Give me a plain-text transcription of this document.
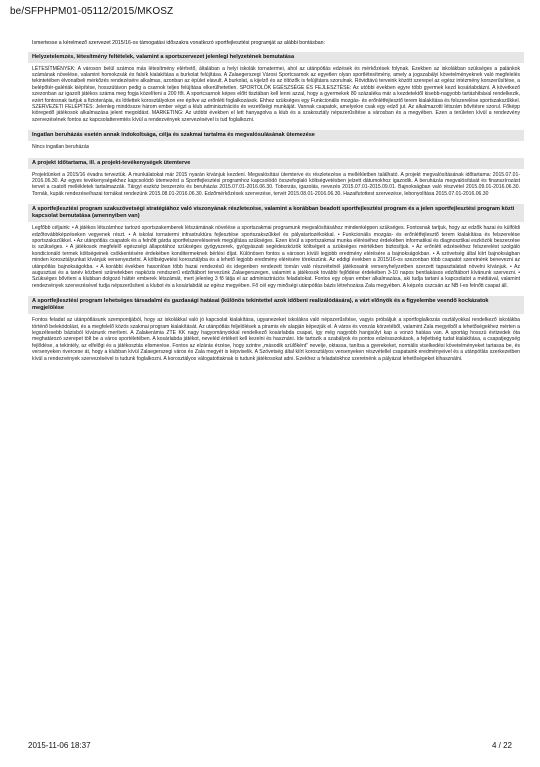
be/SFPHPM01-05112/2015/MKOSZ
Ismertesse a kérelmező szervezet 2015/16-os támogatási időszakra vonatkozó sportfejlesztési programját az alábbi bontásban:
Helyzetelemzés, létesítmény feltételek, valamint a sportszervezet jelenlegi helyzetének bemutatása
LÉTESÍTMÉNYEK: A városon belül számos más létesítmény elérhető, általában a helyi iskolák tornatermei, ahol az utánpótlás edzések és mérkőzések folynak. Ezekben az iskolákban szükséges a palánkok számának növelése, valamint homokzsák és falsík kialakítása a burkolat felújítása. A Zalaegerszegi Városi Sportcsarnok az egyetlen olyan sportlétesítmény, amely a jogszabályi követelményeknek való megfelelés tekintetében élvonalbeli mérkőzés rendezésére alkalmas, azonban az épület elavult. A burkolat, a kijelző és az öltözők is felújításra szorulnak. Rövidtávú terveink között szerepel az egész intézmény korszerűsítése, a belépőtér-galériák kiépítése, hosszútávon pedig a csarnok teljes felújítása elkerülhetetlen. SPORTOLÓK EGÉSZSÉGE ÉS FEJLESZTÉSE: Az utóbbi években egyre több gyermek kezd kosárlabdázni. A következő szezonban az igazolt játékos száma meg fogja közelíteni a 200 főt. A sportcsarnok képes előtt tisztában kell lenni azzal, hogy a gyermekek 80 százaléka már a kezdetektől kisebb-nagyobb tartáshibával rendelkezik, ezért fontosnak tartjuk a fizioterápia, és lötlettek korosztályokon ere építve az erőnléti foglalkozások. Ehhez szükséges egy Funkcionális mozgás- és erőnlétfejlesztő terem kialakítása és felszerelése sportszakszűkkel. SZERVEZETI FELÉPÍTÉS: Jelenleg mindössze három ember végzi a klub adminisztrációs és vezetőségi munkáját. Vannak csapatok, amelyekre csak egy edző jut. Az alkalmazotti létszám bővítésre szorul. Főképp kiöregedő játékosok alkalmazása jelent megoldást. MARKETING: Az utóbbi években el lett hanyagolva a klub és a szakosztály népszerűsítése a városban és a megyében. Ezen a területen kívül a rendezvény szervezésének fontos az kapcsolatteremtés kívül a rendezvények szervezésével is tud foglalkozni.
Ingatlan beruházás esetén annak indokoltsága, célja és szakmai tartalma és megvalósulásának ütemezése
Nincs ingatlan beruházás
A projekt időtartama, ill. a projekt-tevékenységek ütemterve
Projektünket a 2015/16 évadra terveztük. A munkálatokat már 2015 nyarán kívánjuk kezdeni. Megvalósítási ütemterve és részletezése a mellékletben található. A projekt megvalósításának időtartama: 2015.07.01-2016.06.30. Az egyes tevékenységekhez kapcsolódó ütemezést a Sportfejlesztési programhoz kapcsolódó összefoglaló költségvetésben jelzett dátumokhoz igazodik. A beruházás megvalósítását és finanszírozást tervet a csatolt mellékletek tartalmazzák. Tárgyi eszköz beszerzés és beruházás 2015.07.01-2016.06.30. Toborzás, igazolás, nevezés 2015.07.01-2015.09.01. Bajnokságban való részvétel 2015.09.01-2016.06.30. Tornák, kupák rendezése/hazai tornákat rendezünk 2015.08.01-2016.06.30. Edzőmérkőzések szervezése, tervét 2015.08.01-2016.06.30. Hazaifutottest szervezése, lebonyolítása 2015.07.01-2016.06.30
A sportfejlesztési program szakszövetségi stratégiához való viszonyának részletezése, valamint a korábban beadott sportfejlesztési program és a jelen sportfejlesztési program közti kapcsolat bemutatása (amennyiben van)
Legfőbb céljaink: • A játékos létszámhoz tartozó sportszakemberek létszámának növelése a sportszakmai programunk megvalósításához mindenképpen szükséges. Fontosnak tartjuk, hogy az edzők hazai és külföldi edzőtovábbképzéseken vegyenek részt. • A iskolai tornatermi infrastruktúra fejlesztése sportszakszűkkel és pályatartozékokkal. • Funkcionális mozgás- és erőnlétfejlesztő terem kialakítása és felszerelése sportszakszűkkel. • Az utánpótlás csapatok és a felnőtt gárda sportfelszereléseinek megújítása szükséges. Ezen kívül a sportszakmai munka eléréséhez érdekében informatikai és diagnosztikai eszközök beszerzése is szükséges. • A játékosok megfelelő egészségi állapotához szükséges gyógyszerek, gyógyászati segédeszközök költségeit a szükséges mértékben biztosítjuk. • Az erőnléti edzésekhez felszerelést szolgáló kondicionáló termek költségeinek csökkentésére érdekében konditermeknek bérlési díjat. Különösen fontos a városon kívüli legjobb eredmény elérésére a bajnokságokban. • A szövetség által kiírt bajnokságban minden korosztályunkat kívánjuk versenyeztetni. A költségvetési korosztályba és a lehető legjobb eredmény elérésére törekszünk. Az eddigi években a 2015/16-os szezonban több csapatot szeretnénk benevezni az utánpótlás bajnokságokba. • A korábbi években hasonlóan több hazai rendezésű és idegenben rendezett tornán való részvételnél játékosaink versenyhelyzetben szerzett tapasztalatait növelni kívánjuk. • Az augusztusi és a tanév közbeni szünetekben napközis rendszerű edzőtábort tervezünk Zalaegerszegen, valamint a játékosok további fejlődése érdekében 3-10 napos bentlakásos edzőtábort kívánunk szervezni. • Szükséges bővíteni a klubban dolgozó háttér emberek létszámát, mert jelenleg 3 fő látja el az adminisztrációs feladatokat. Fontos egy olyan ember alkalmazása, aki tudja tartani a kapcsolatot a médiával, valamint rendezvények szervezésével tudja népszerűsíteni a klubot és a kosárlabdát az egész megyében. Fő cél egy minőségi utánpótlás bázis létrehozása Zala megyében. A képzés cszcsán az NB I-es felnőtt csapat áll.
A sportfejlesztési program lehetséges társadalmi és gazdasági hatásai (különös tekintettel azok időbeni realizálódására), a várt előnyök és a figyelembe veendő kockázatok megjelölése
Fontos feladat az utánpótlásunk szempontjából, hogy az iskolákkal való jó kapcsolat kialakítása, ugyanezeket iskolákra való népszerűsítése, vagyis próbáljuk a sportfoglalkozás osztályokkal rendelkező iskolákba történő belekódolást, és a megfelelő közös szakmai program kialakítását. Az utánpótlás feljelölések a piramis elv alapján képezjük el. A város és vonzás körzetéből, valamint Zala megyéből a lehetőségekhez mérten a legszélesebb bázisból kívánunk meríteni. A Zalakerámia ZTE KK nagy hagyományokkal rendelkező kosárlabda csapat, így még nagyobb hangsúlyt kap a vonzó hatása van. A sportág hosszú évtizedek óta meghatározó szerepet tölt be a város sportéletében. A kosárlabda játékot, neveléd értékeit kell kezelni és hasznáni. Ide tartozik a szabályok és pontos edzéssszokások, a fejlettség tudat kialakítása, a csapatjegység fejlődése, a tekintély, az elfelőgi és a játékosztás elismerése. Fontos az elzárás érzése, hogy szintre „második szülőként” nevelje, oktassa, tanítsa a gyerekeket, normális viselkedési követelményeket tartassa be, és versenyeken rivercese át, hogy a klubban kívül Zalaegerszegi város és Zala megyét is képviselik. A Szövetség által kiírt korosztályos versenyeken részvétellel csapataink eredményeivel és a utánpótlás szerkezetben kívül a rendezvények szervezésével is tudunk foglalkozni. A korosztályos válogatottaknak is tudunk játékosokat adni. Ezekhez a feladatokhoz szeretnénk a pályázat lehetőségeket kihasználni.
2015-11-06 18:37	4 / 22
